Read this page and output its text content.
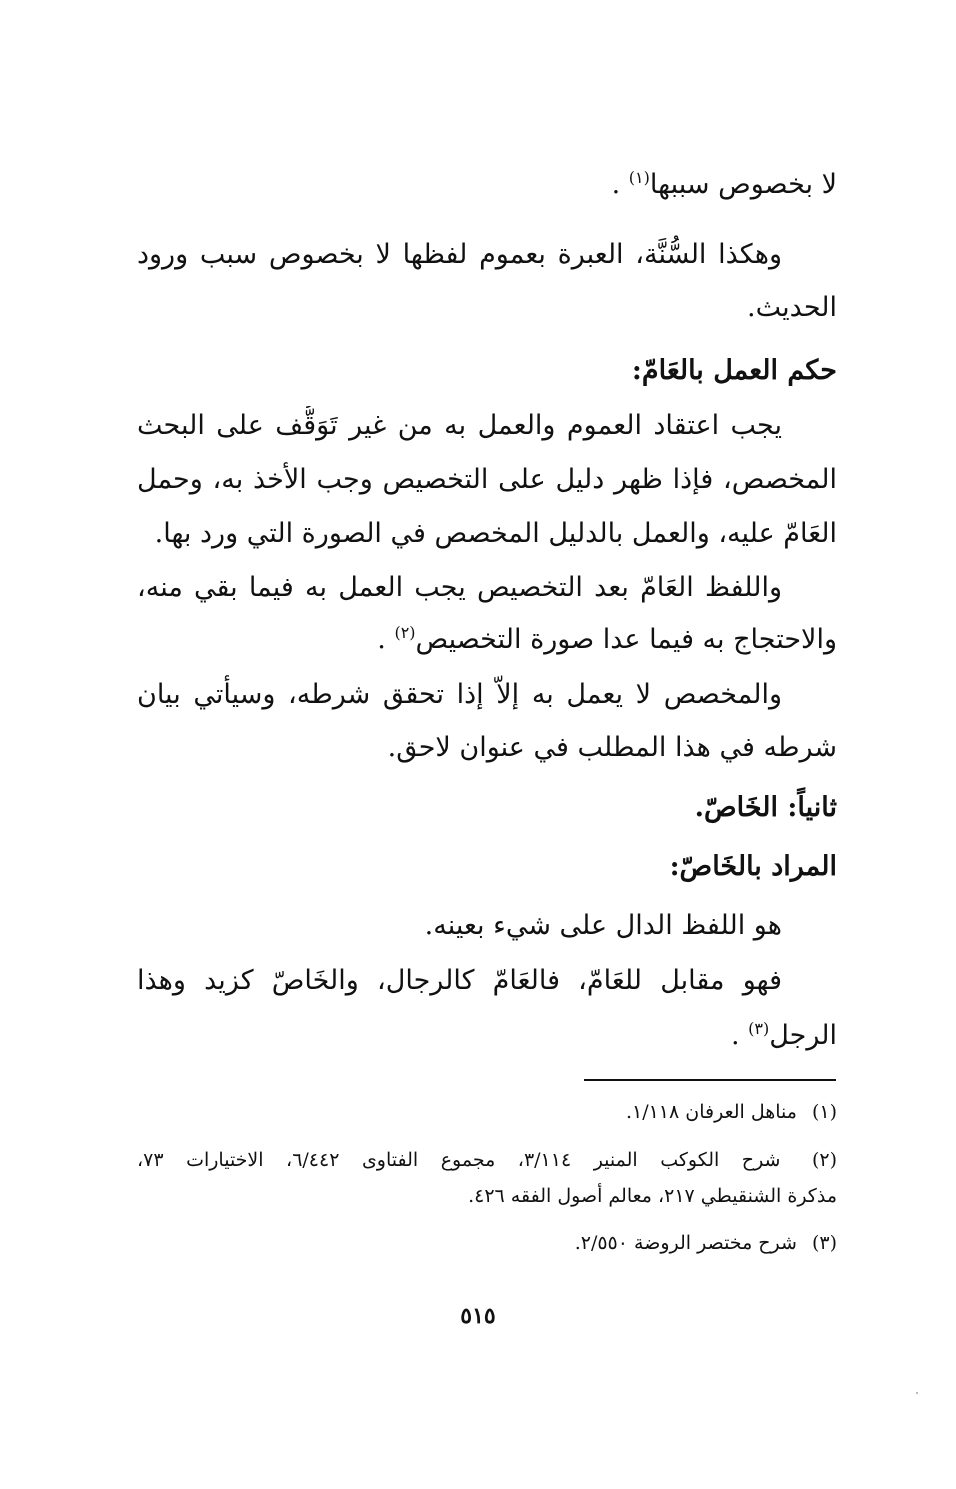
لا بخصوص سببها$^{(١)}$ .
وهكذا السُّنَّة، العبرة بعموم لفظها لا بخصوص سبب ورود
الحديث.
حكم العمل بالعَامّ:
يجب اعتقاد العموم والعمل به من غير تَوَقُّف على البحث
المخصص، فإذا ظهر دليل على التخصيص وجب الأخذ به، وحمل
العَامّ عليه، والعمل بالدليل المخصص في الصورة التي ورد بها.
واللفظ العَامّ بعد التخصيص يجب العمل به فيما بقي منه،
والاحتجاج به فيما عدا صورة التخصيص$^{(٢)}$ .
والمخصص لا يعمل به إلاَّ إذا تحقق شرطه، وسيأتي بيان
شرطه في هذا المطلب في عنوان لاحق.
ثانياً: الخَاصّ.
المراد بالخَاصّ:
هو اللفظ الدال على شيء بعينه.
فهو مقابل للعَامّ، فالعَامّ كالرجال، والخَاصّ كزيد وهذا
الرجل$^{(٣)}$ .
(١) مناهل العرفان ١/١١٨.
(٢) شرح الكوكب المنير ٣/١١٤، مجموع الفتاوى ٦/٤٤٢، الاختيارات ٧٣،
مذكرة الشنقيطي ٢١٧، معالم أصول الفقه ٤٢٦.
(٣) شرح مختصر الروضة ٢/٥٥٠.
٥١٥
